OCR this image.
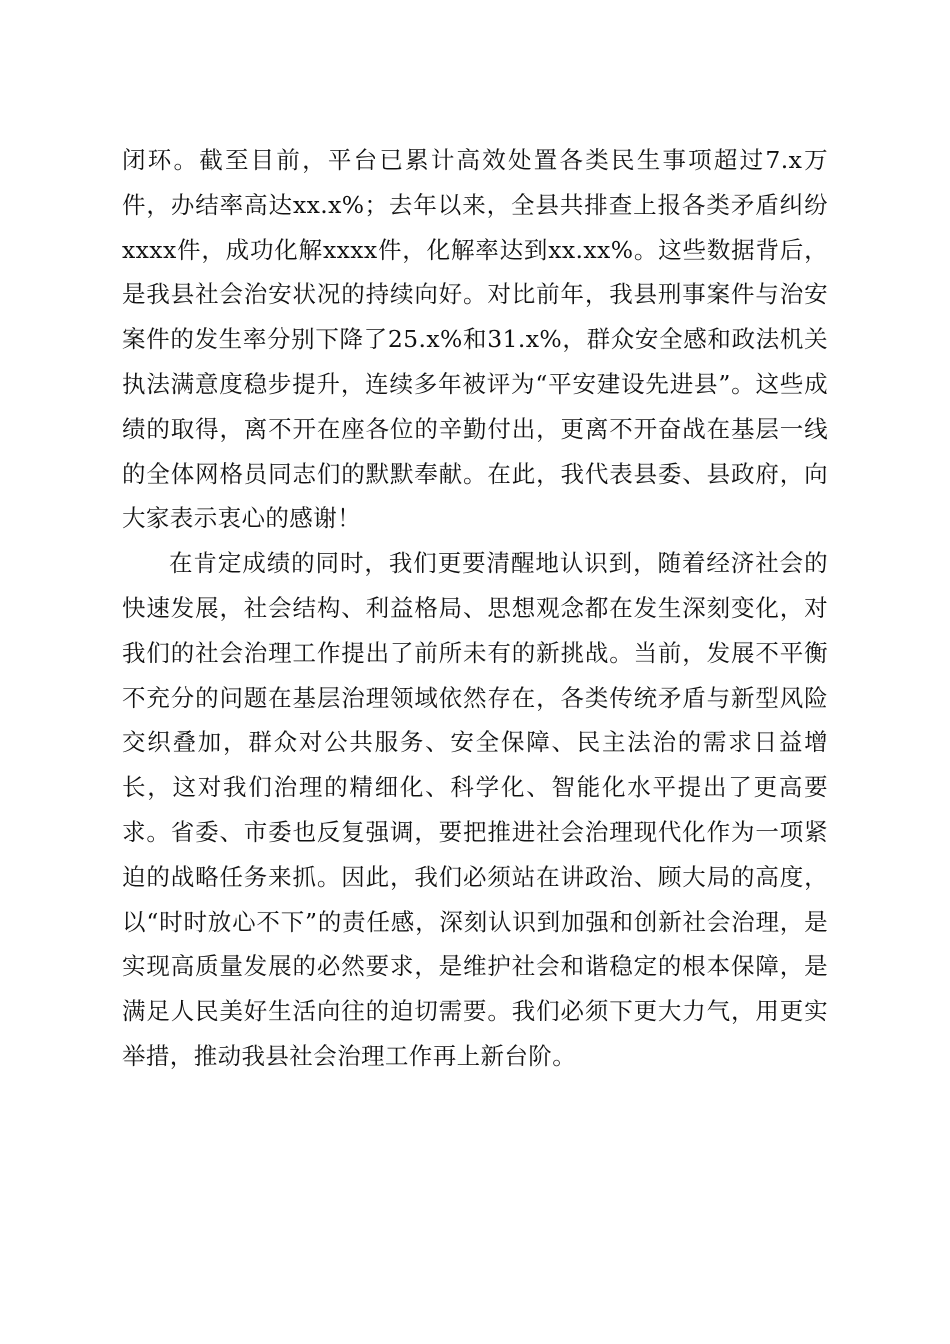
闭环。截至目前，平台已累计高效处置各类民生事项超过7.x万件，办结率高达xx.x%；去年以来，全县共排查上报各类矛盾纠纷xxxx件，成功化解xxxx件，化解率达到xx.xx%。这些数据背后，是我县社会治安状况的持续向好。对比前年，我县刑事案件与治安案件的发生率分别下降了25.x%和31.x%，群众安全感和政法机关执法满意度稳步提升，连续多年被评为“平安建设先进县”。这些成绩的取得，离不开在座各位的辛勤付出，更离不开奋战在基层一线的全体网格员同志们的默默奉献。在此，我代表县委、县政府，向大家表示衷心的感谢！

在肯定成绩的同时，我们更要清醒地认识到，随着经济社会的快速发展，社会结构、利益格局、思想观念都在发生深刻变化，对我们的社会治理工作提出了前所未有的新挑战。当前，发展不平衡不充分的问题在基层治理领域依然存在，各类传统矛盾与新型风险交织叠加，群众对公共服务、安全保障、民主法治的需求日益增长，这对我们治理的精细化、科学化、智能化水平提出了更高要求。省委、市委也反复强调，要把推进社会治理现代化作为一项紧迫的战略任务来抓。因此，我们必须站在讲政治、顾大局的高度，以“时时放心不下”的责任感，深刻认识到加强和创新社会治理，是实现高质量发展的必然要求，是维护社会和谐稳定的根本保障，是满足人民美好生活向往的迫切需要。我们必须下更大力气，用更实举措，推动我县社会治理工作再上新台阶。
